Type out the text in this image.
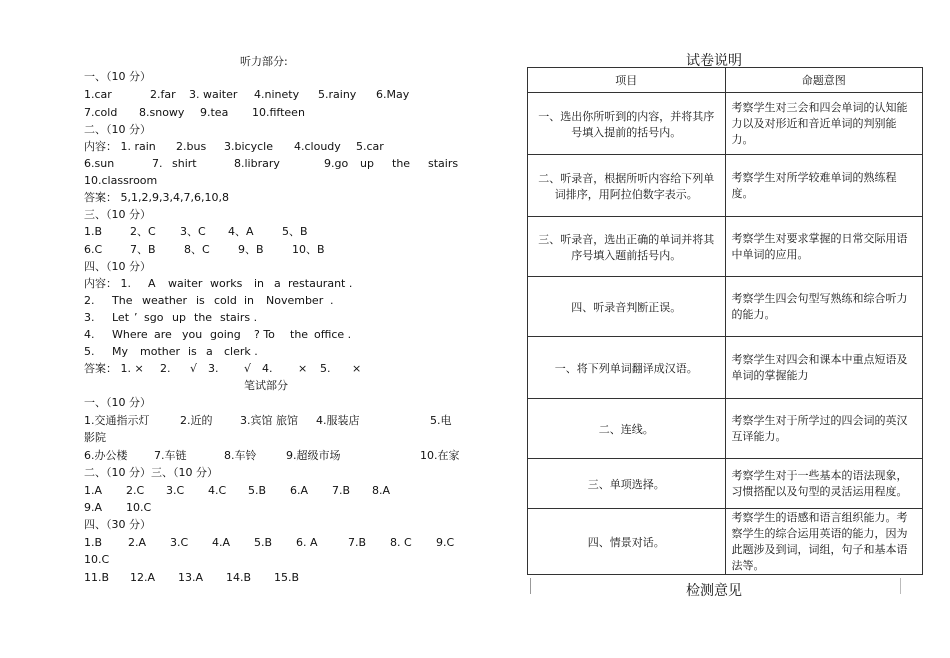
听力部分:
一、（10 分）
1.car	2.far 3. waiter 4.ninety 5.rainy 6.May
7.cold 8.snowy 9.tea 10.fifteen
二、（10 分）
内容： 1. rain 2.bus 3.bicycle 4.cloudy 5.car
6.sun	7. shirt	8.library	9.go up the stairs
10.classroom
答案： 5,1,2,9,3,4,7,6,10,8
三、（10 分）
1.B	2、C 3、C 4、A	5、B
6.C	7、B	8、C	9、B	10、B
四、（10 分）
内容： 1. A waiter works in a restaurant .
2. The weather is cold in November .
3. Let ’ sgo up the stairs .
4. Where are you going ? To the office .
5. My mother is a clerk .
答案： 1. × 2. √ 3. √ 4. × 5. ×
笔试部分
一、（10 分）
1.交通指示灯	2.近的	3.宾馆 旅馆 4.服装店	5.电
影院
6.办公楼 7.车链	8.车铃	9.超级市场	10.在家
二、（10 分）三、（10 分）
1.A 2.C 3.C 4.C 5.B 6.A 7.B 8.A
9.A 10.C
四、（30 分）
1.B 2.A 3.C 4.A 5.B 6. A	7.B 8. C 9.C
10.C
11.B 12.A 13.A 14.B 15.B
试卷说明
项目	命题意图
一、选出你所听到的内容，并将其序号填入提前的括号内。	考察学生对三会和四会单词的认知能力以及对形近和音近单词的判别能力。
二、听录音，根据所听内容给下列单词排序，用阿拉伯数字表示。	考察学生对所学较难单词的熟练程度。
三、听录音，选出正确的单词并将其序号填入题前括号内。	考察学生对要求掌握的日常交际用语中单词的应用。
四、听录音判断正误。	考察学生四会句型写熟练和综合听力的能力。
一、将下列单词翻译成汉语。	考察学生对四会和课本中重点短语及单词的掌握能力
二、连线。	考察学生对于所学过的四会词的英汉互译能力。
三、单项选择。	考察学生对于一些基本的语法现象，习惯搭配以及句型的灵活运用程度。
四、情景对话。	考察学生的语感和语言组织能力。考察学生的综合运用英语的能力，因为此题涉及到词，词组，句子和基本语法等。
检测意见
